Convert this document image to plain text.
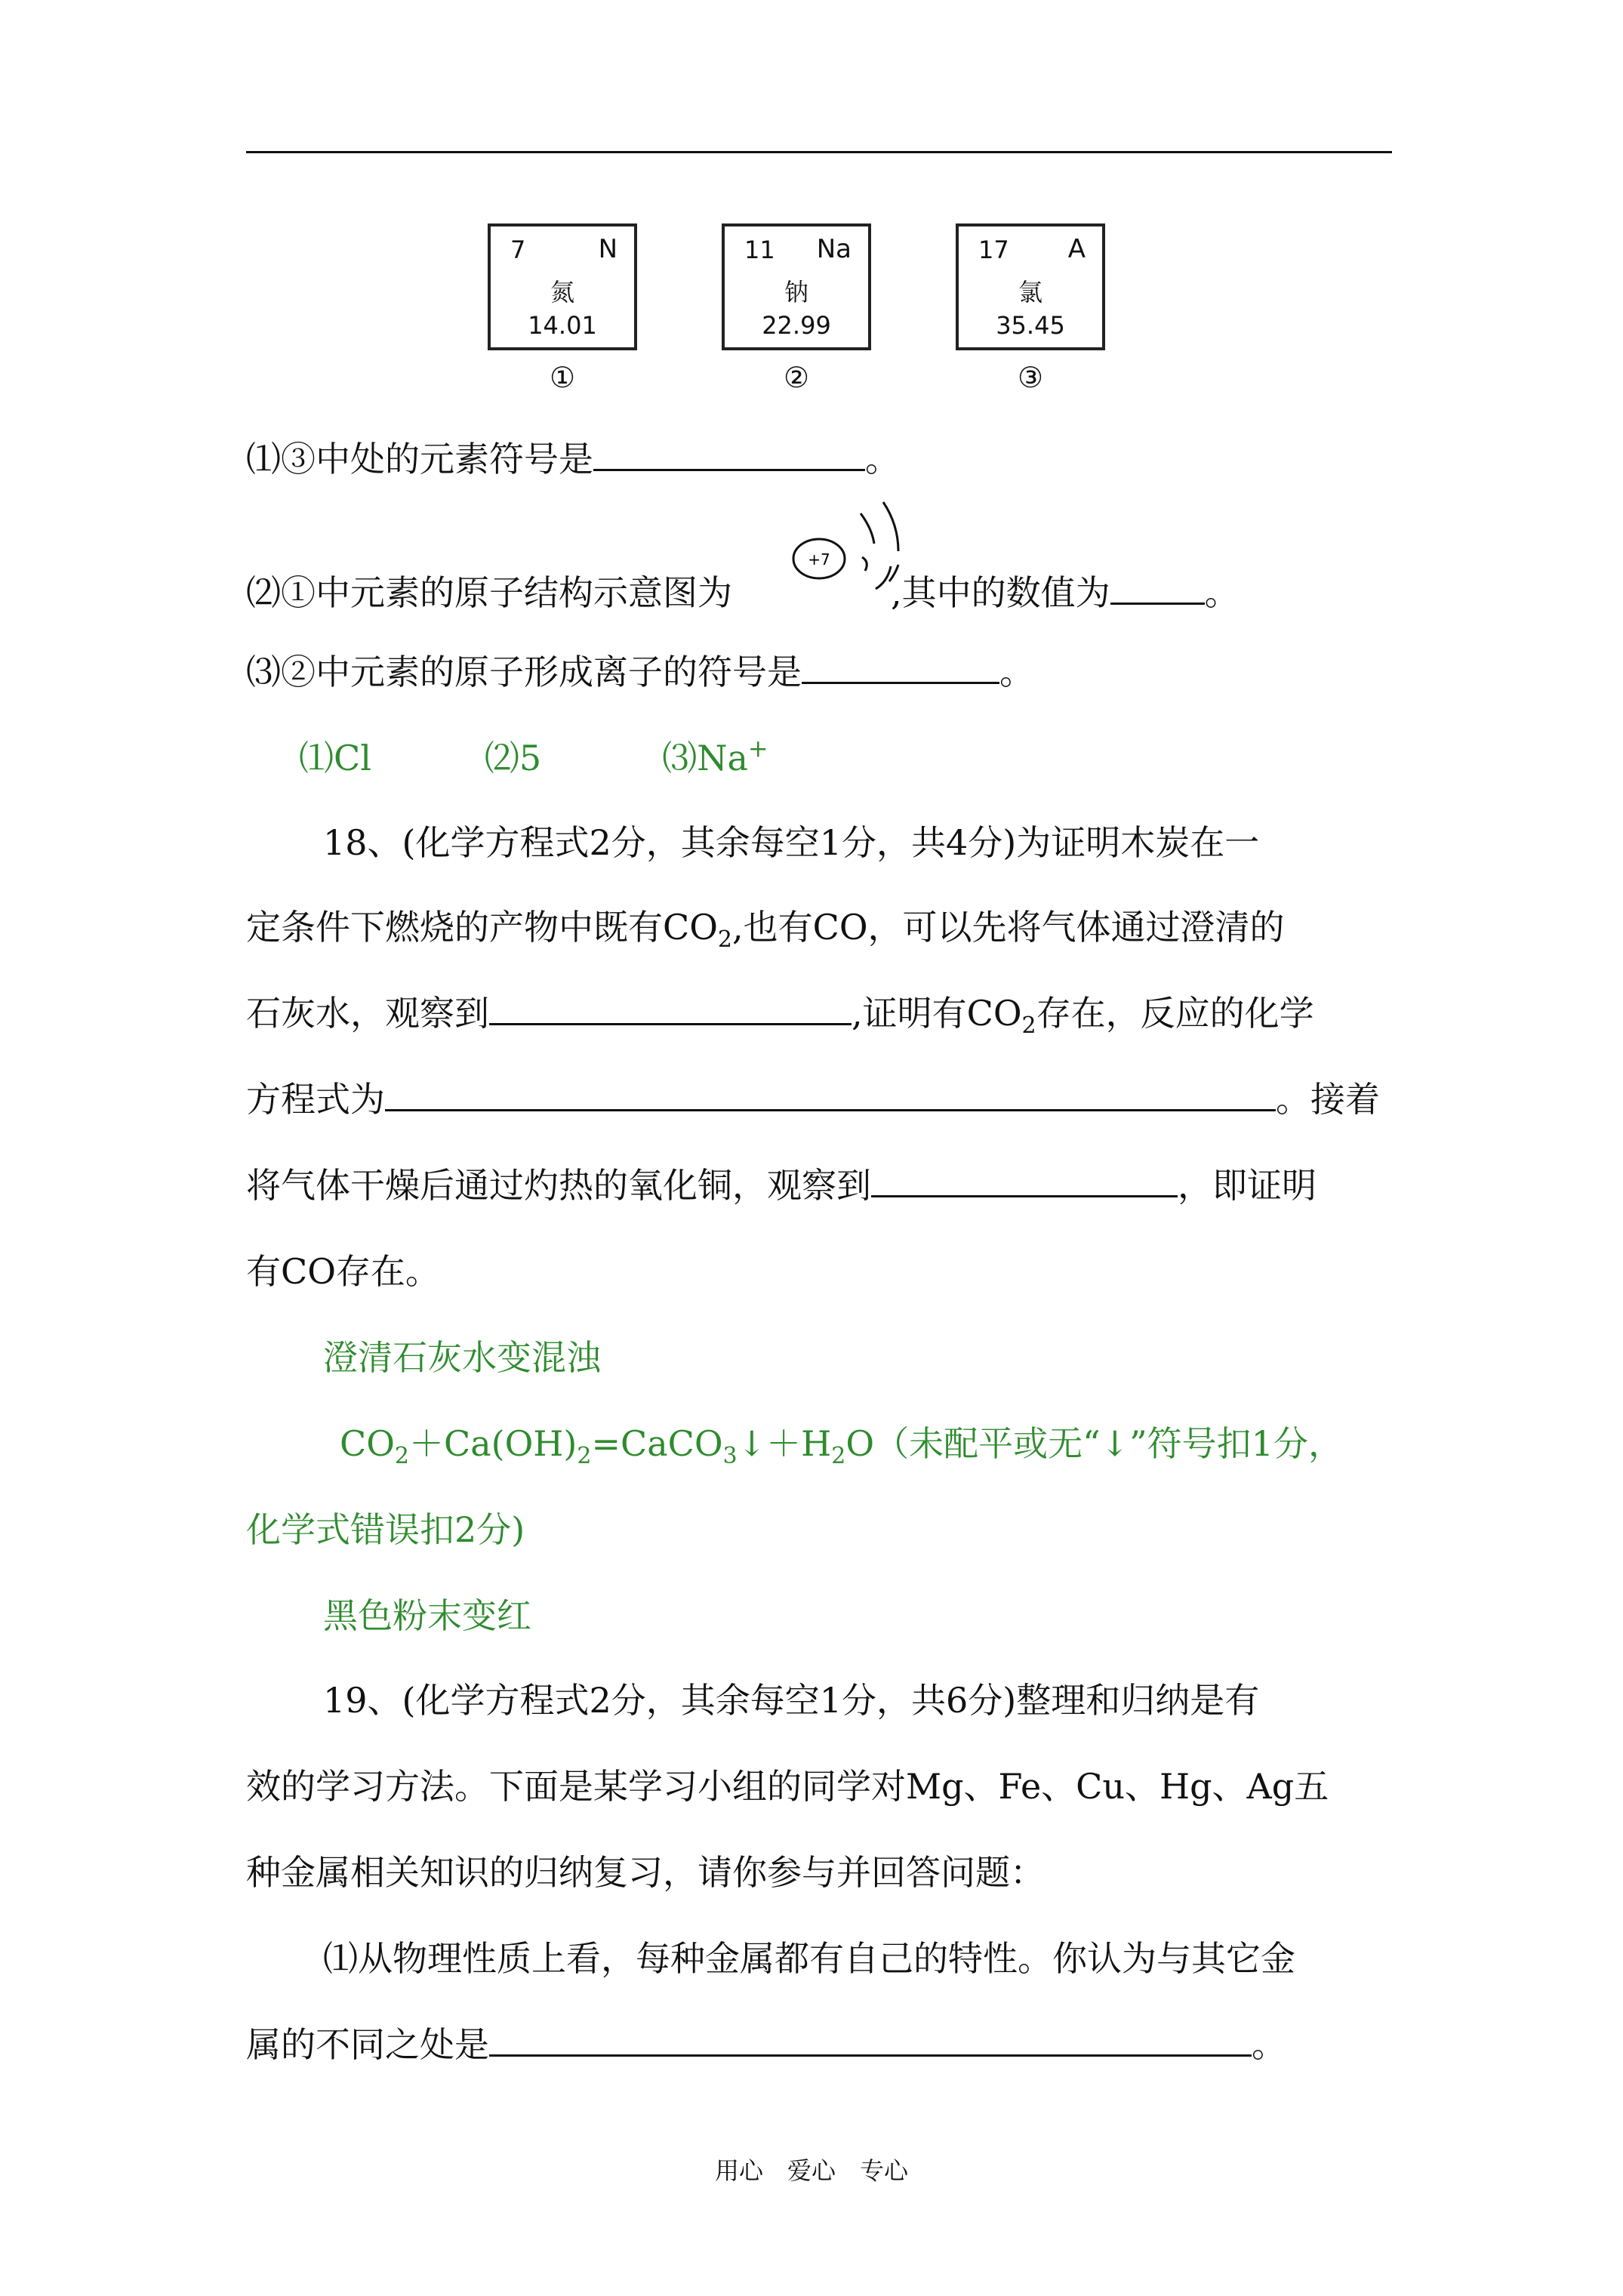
7	N
氮
14.01
①
11 Na
钠
22.99
②
17 A
氯
35.45
③
⑴③中处的元素符号是	。
+7
⑵①中元素的原子结构示意图为	,其中的数值为	。
⑶②中元素的原子形成离子的符号是	。
⑴Cl	⑵5	⑶Na+
18、(化学方程式2分，其余每空1分，共4分)为证明木炭在一
定条件下燃烧的产物中既有$CO_2$,也有CO，可以先将气体通过澄清的
石灰水，观察到	,证明有$CO_2$存在，反应的化学
方程式为	。接着
将气体干燥后通过灼热的氧化铜，观察到	，即证明
有CO存在。
澄清石灰水变混浊
$CO_2+Ca(OH)_2=CaCO_3↓+H_2O$（未配平或无“↓”符号扣1分，
化学式错误扣2分)
黑色粉末变红
19、(化学方程式2分，其余每空1分，共6分)整理和归纳是有
效的学习方法。下面是某学习小组的同学对Mg、Fe、Cu、Hg、Ag五
种金属相关知识的归纳复习，请你参与并回答问题：
⑴从物理性质上看，每种金属都有自己的特性。你认为与其它金
属的不同之处是	。
用心　爱心　专心
